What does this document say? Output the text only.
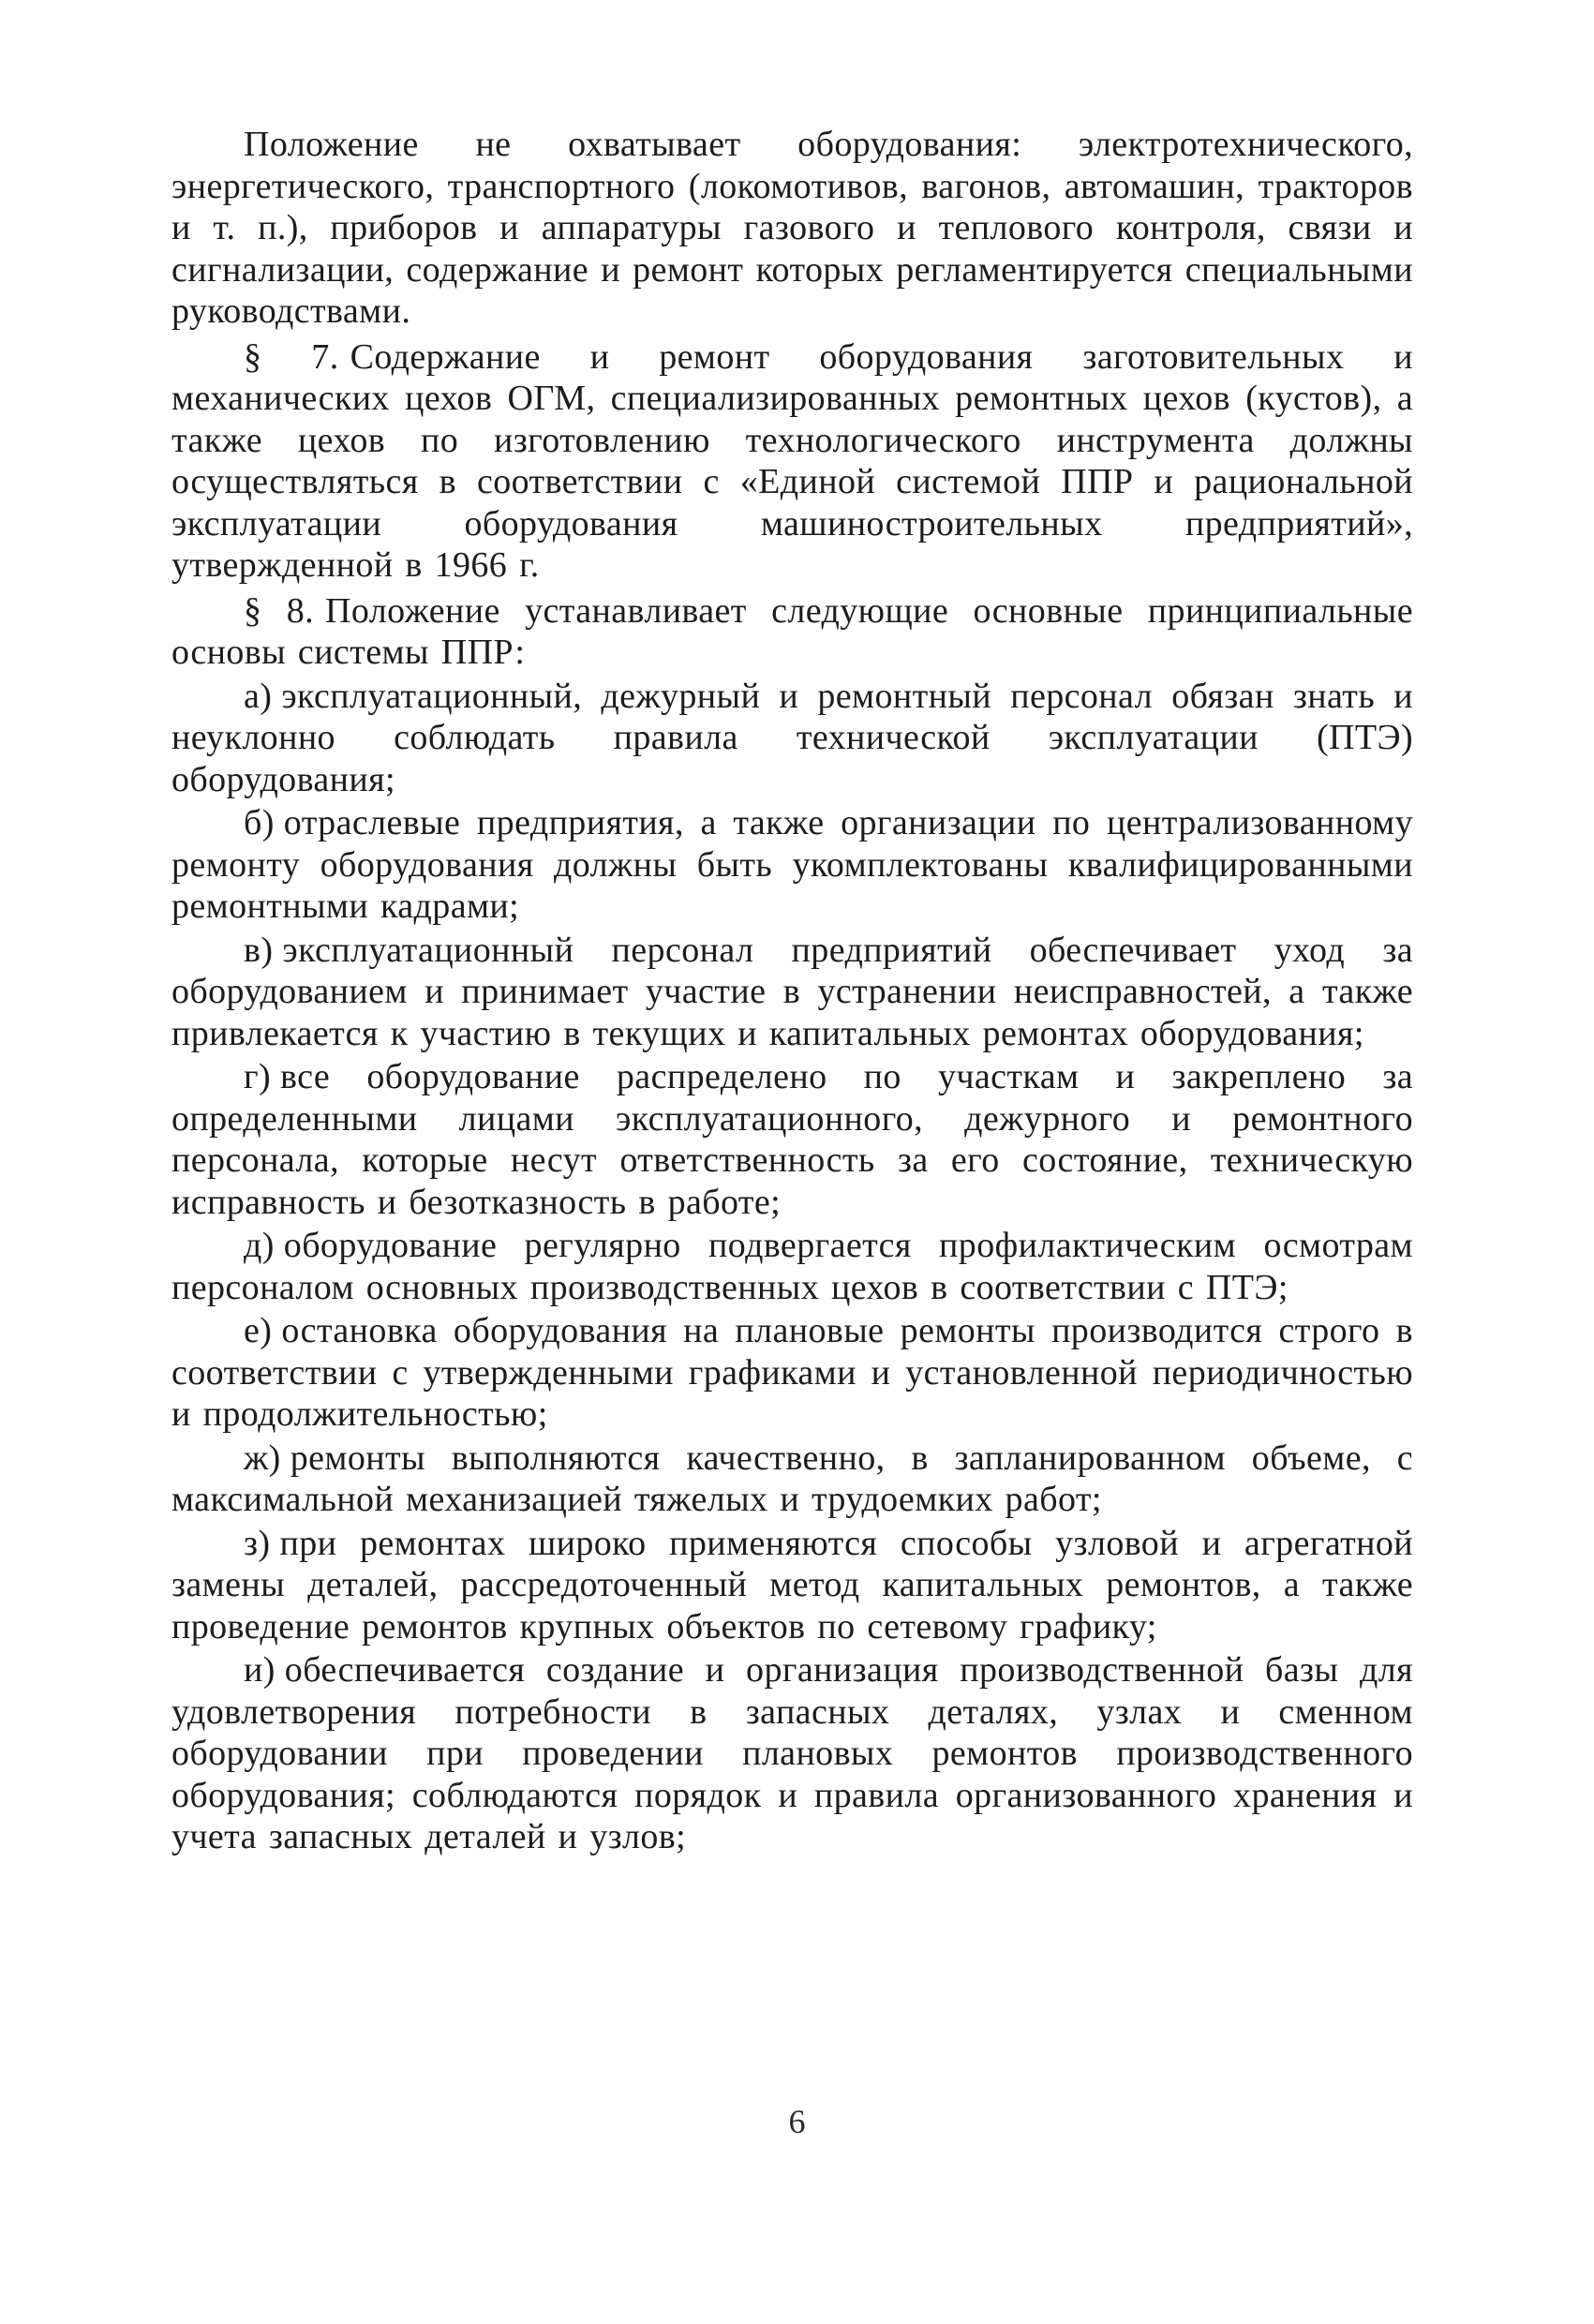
Положение не охватывает оборудования: электротехнического, энергетического, транспортного (локомотивов, вагонов, автомашин, тракторов и т. п.), приборов и аппаратуры газового и теплового контроля, связи и сигнализации, содержание и ремонт которых регламентируется специальными руководствами.

§ 7. Содержание и ремонт оборудования заготовительных и механических цехов ОГМ, специализированных ремонтных цехов (кустов), а также цехов по изготовлению технологического инструмента должны осуществляться в соответствии с «Единой системой ППР и рациональной эксплуатации оборудования машиностроительных предприятий», утвержденной в 1966 г.

§ 8. Положение устанавливает следующие основные принципиальные основы системы ППР:

а) эксплуатационный, дежурный и ремонтный персонал обязан знать и неуклонно соблюдать правила технической эксплуатации (ПТЭ) оборудования;

б) отраслевые предприятия, а также организации по централизованному ремонту оборудования должны быть укомплектованы квалифицированными ремонтными кадрами;

в) эксплуатационный персонал предприятий обеспечивает уход за оборудованием и принимает участие в устранении неисправностей, а также привлекается к участию в текущих и капитальных ремонтах оборудования;

г) все оборудование распределено по участкам и закреплено за определенными лицами эксплуатационного, дежурного и ремонтного персонала, которые несут ответственность за его состояние, техническую исправность и безотказность в работе;

д) оборудование регулярно подвергается профилактическим осмотрам персоналом основных производственных цехов в соответствии с ПТЭ;

е) остановка оборудования на плановые ремонты производится строго в соответствии с утвержденными графиками и установленной периодичностью и продолжительностью;

ж) ремонты выполняются качественно, в запланированном объеме, с максимальной механизацией тяжелых и трудоемких работ;

з) при ремонтах широко применяются способы узловой и агрегатной замены деталей, рассредоточенный метод капитальных ремонтов, а также проведение ремонтов крупных объектов по сетевому графику;

и) обеспечивается создание и организация производственной базы для удовлетворения потребности в запасных деталях, узлах и сменном оборудовании при проведении плановых ремонтов производственного оборудования; соблюдаются порядок и правила организованного хранения и учета запасных деталей и узлов;

6
